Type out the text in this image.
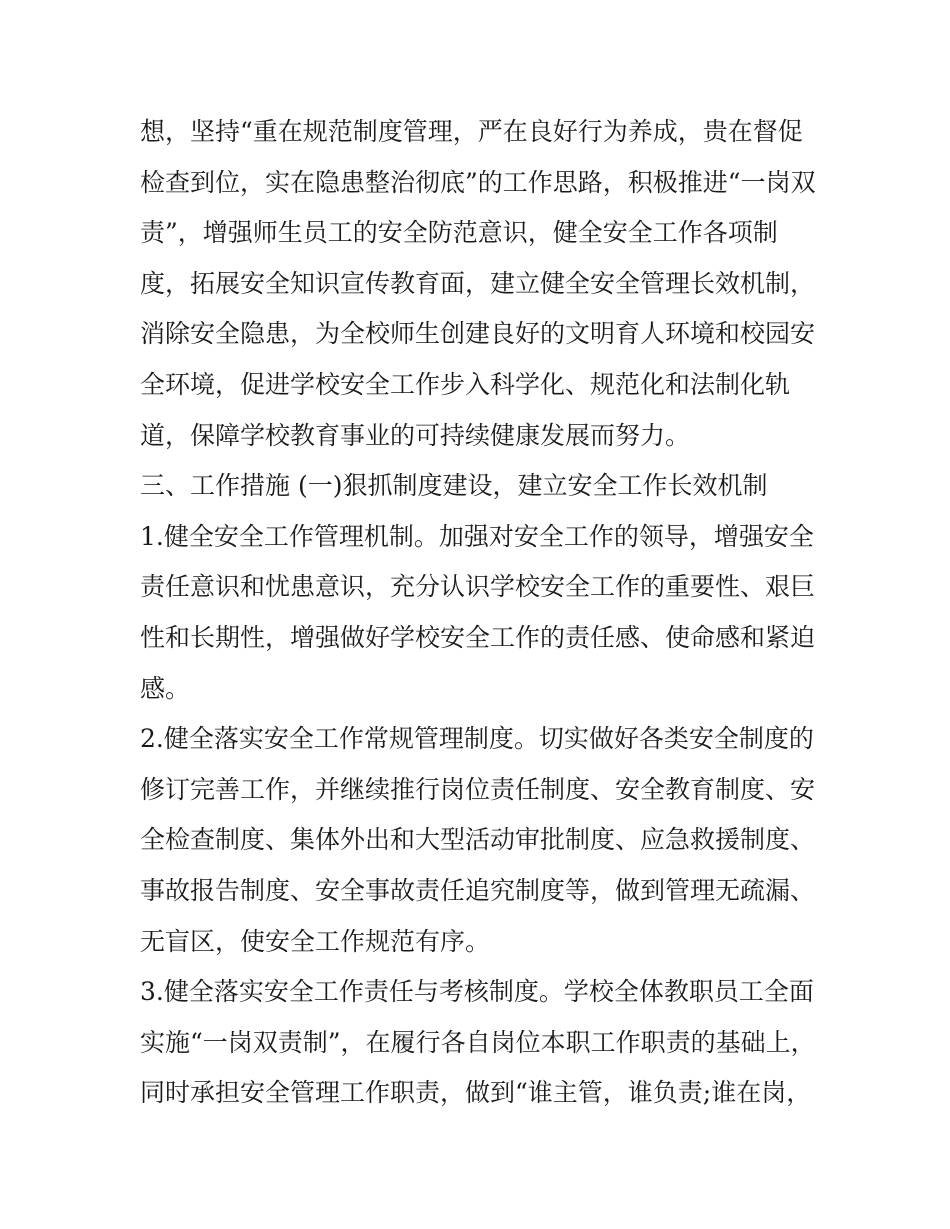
想，坚持“重在规范制度管理，严在良好行为养成，贵在督促
检查到位，实在隐患整治彻底”的工作思路，积极推进“一岗双
责”，增强师生员工的安全防范意识，健全安全工作各项制
度，拓展安全知识宣传教育面，建立健全安全管理长效机制，
消除安全隐患，为全校师生创建良好的文明育人环境和校园安
全环境，促进学校安全工作步入科学化、规范化和法制化轨
道，保障学校教育事业的可持续健康发展而努力。
三、工作措施 (一)狠抓制度建设，建立安全工作长效机制
1.健全安全工作管理机制。加强对安全工作的领导，增强安全
责任意识和忧患意识，充分认识学校安全工作的重要性、艰巨
性和长期性，增强做好学校安全工作的责任感、使命感和紧迫
感。
2.健全落实安全工作常规管理制度。切实做好各类安全制度的
修订完善工作，并继续推行岗位责任制度、安全教育制度、安
全检查制度、集体外出和大型活动审批制度、应急救援制度、
事故报告制度、安全事故责任追究制度等，做到管理无疏漏、
无盲区，使安全工作规范有序。
3.健全落实安全工作责任与考核制度。学校全体教职员工全面
实施“一岗双责制”，在履行各自岗位本职工作职责的基础上，
同时承担安全管理工作职责，做到“谁主管，谁负责;谁在岗，
